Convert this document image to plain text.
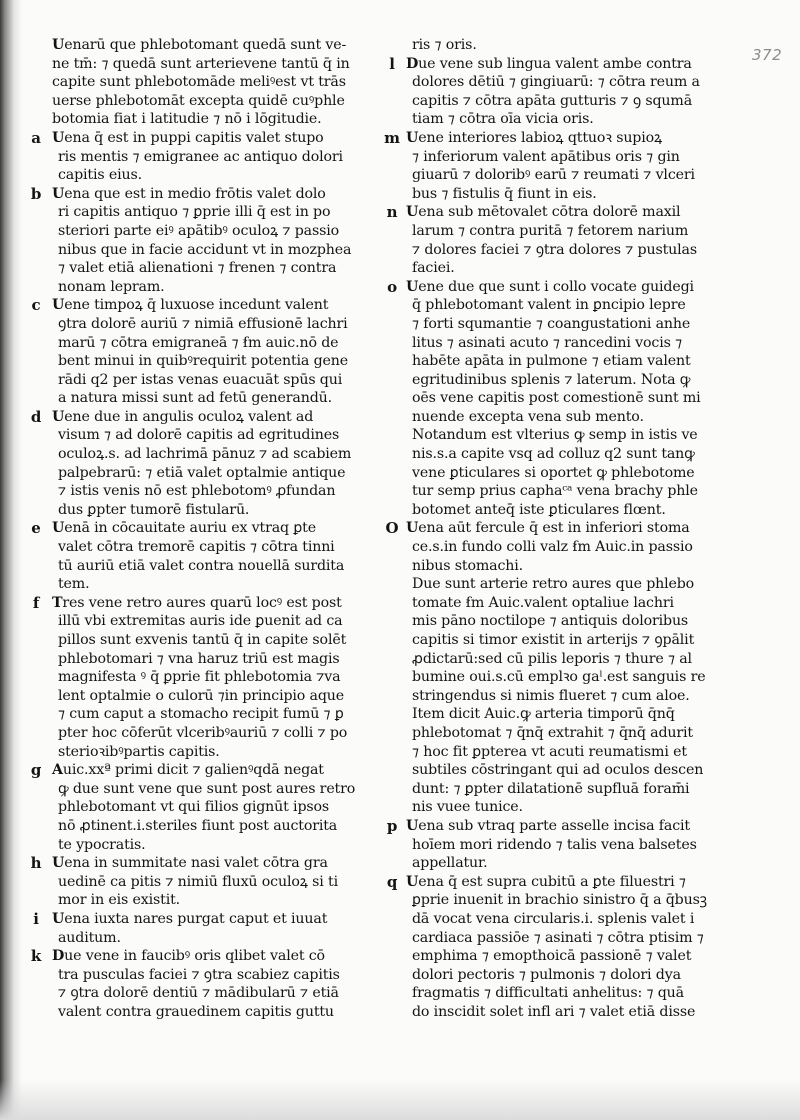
372
Uenarū que phlebotomant quedā sunt ve-
ne tm̄: ⁊ quedā sunt arterievene tantū q̄ in
capite sunt phlebotomāde meliꝰest vt trās
uerse phlebotomāt excepta quidē cuꝰphle
botomia fiat i latitudie ⁊ nō i lōgitudie.
a Uena q̄ est in puppi capitis valet stupo
ris mentis ⁊ emigranee ac antiquo dolori
capitis eius.
b Uena que est in medio frōtis valet dolo
ri capitis antiquo ⁊ ꝑprie illi q̄ est in po
steriori parte eiꝰ apātibꝰ oculoꝝ ⁊ passio
nibus que in facie accidunt vt in mozphea
⁊ valet etiā alienationi ⁊ frenen ⁊ contra
nonam lepram.
c Uene timpoꝝ q̄ luxuose incedunt valent
ꝯtra dolorē auriū ⁊ nimiā effusionē lachri
marū ⁊ cōtra emigraneā ⁊ ẜm auic.nō de
bent minui in quibꝰrequirit potentia gene
rādi q2 per istas venas euacuāt spūs qui
a natura missi sunt ad fetū generandū.
d Uene due in angulis oculoꝝ valent ad
visum ⁊ ad dolorē capitis ad egritudines
oculoꝝ.s. ad lachrimā pānuz ⁊ ad scabiem
palpebrarū: ⁊ etiā valet optalmie antique
⁊ istis venis nō est phlebotomꝰ ꝓfundan
dus ꝑpter tumorē fistularū.
e Uenā in cōcauitate auriu ex vtraq ꝑte
valet cōtra tremorē capitis ⁊ cōtra tinni
tū auriū etiā valet contra nouellā surdita
tem.
f Tres vene retro aures quarū locꝰ est post
illū vbi extremitas auris ide ꝑuenit ad ca
pillos sunt exvenis tantū q̄ in capite solēt
phlebotomari ⁊ vna haruz triū est magis
magnifesta ꝰ q̄ ꝑprie fit phlebotomia ⁊va
lent optalmie o culorū ⁊in principio aque
⁊ cum caput a stomacho recipit fumū ⁊ ꝑ
pter hoc cōferūt vlceribꝰauriū ⁊ colli ⁊ po
sterioꝛibꝰpartis capitis.
g Auic.xxª primi dicit ⁊ galienꝰqdā negat
ꝙ due sunt vene que sunt post aures retro
phlebotomant vt qui filios gignūt ipsos
nō ꝓtinent.i.steriles fiunt post auctorita
te ypocratis.
h Uena in summitate nasi valet cōtra gra
uedinē ca pitis ⁊ nimiū fluxū oculoꝝ si ti
mor in eis existit.
i Uena iuxta nares purgat caput et iuuat
auditum.
k Due vene in faucibꝰ oris qlibet valet cō
tra pusculas faciei ⁊ ꝯtra scabiez capitis
⁊ ꝯtra dolorē dentiū ⁊ mādibularū ⁊ etiā
valent contra grauedinem capitis guttu
ris ⁊ oris.
l Due vene sub lingua valent ambe contra
dolores dētiū ⁊ gingiuarū: ⁊ cōtra reum a
capitis ⁊ cōtra apāta gutturis ⁊ ꝯ squmā
tiam ⁊ cōtra oīa vicia oris.
m Uene interiores labioꝝ qttuoꝛ supioꝝ
⁊ inferiorum valent apātibus oris ⁊ gin
giuarū ⁊ doloribꝰ earū ⁊ reumati ⁊ vlceri
bus ⁊ fistulis q̄ fiunt in eis.
n Uena sub mētovalet cōtra dolorē maxil
larum ⁊ contra puritā ⁊ fetorem narium
⁊ dolores faciei ⁊ ꝯtra dolores ⁊ pustulas
faciei.
o Uene due que sunt i collo vocate guidegi
q̄ phlebotomant valent in ꝑncipio lepre
⁊ forti squmantie ⁊ coangustationi anhe
litus ⁊ asinati acuto ⁊ rancedini vocis ⁊
habēte apāta in pulmone ⁊ etiam valent
egritudinibus splenis ⁊ laterum. Nota ꝙ
oēs vene capitis post comestionē sunt mi
nuende excepta vena sub mento.
Notandum est vlterius ꝙ semp in istis ve
nis.s.a capite vsq ad colluz q2 sunt tanꝙ
vene ꝑticulares si oportet ꝙ phlebotome
tur semp prius caphaᶜᵃ vena brachy phle
botomet anteq̄ iste ꝑticulares flœnt.
O Uena aūt fercule q̄ est in inferiori stoma
ce.s.in fundo colli valz ẜm Auic.in passio
nibus stomachi.
Due sunt arterie retro aures que phlebo
tomate ẜm Auic.valent optaliue lachri
mis pāno noctilope ⁊ antiquis doloribus
capitis si timor existit in arterijs ⁊ ꝯpālit
ꝓdictarū:sed cū pilis leporis ⁊ thure ⁊ al
bumine oui.s.cū emplꝛo gaˡ.est sanguis re
stringendus si nimis flueret ⁊ cum aloe.
Item dicit Auic.ꝙ arteria timporū q̄nq̄
phlebotomat ⁊ q̄nq̄ extrahit ⁊ q̄nq̄ adurit
⁊ hoc fit ꝑpterea vt acuti reumatismi et
subtiles cōstringant qui ad oculos descen
dunt: ⁊ ꝑpter dilatationē supfluā foram̄i
nis vuee tunice.
p Uena sub vtraq parte asselle incisa facit
hoīem mori ridendo ⁊ talis vena balsetes
appellatur.
q Uena q̄ est supra cubitū a ꝑte filuestri ⁊
ꝑprie inuenit in brachio sinistro q̄ a q̄busꝫ
dā vocat vena circularis.i. splenis valet i
cardiaca passiōe ⁊ asinati ⁊ cōtra ptisim ⁊
emphima ⁊ emopthoicā passionē ⁊ valet
dolori pectoris ⁊ pulmonis ⁊ dolori dya
fragmatis ⁊ difficultati anhelitus: ⁊ quā
do inscidit solet infl ari ⁊ valet etiā disse
